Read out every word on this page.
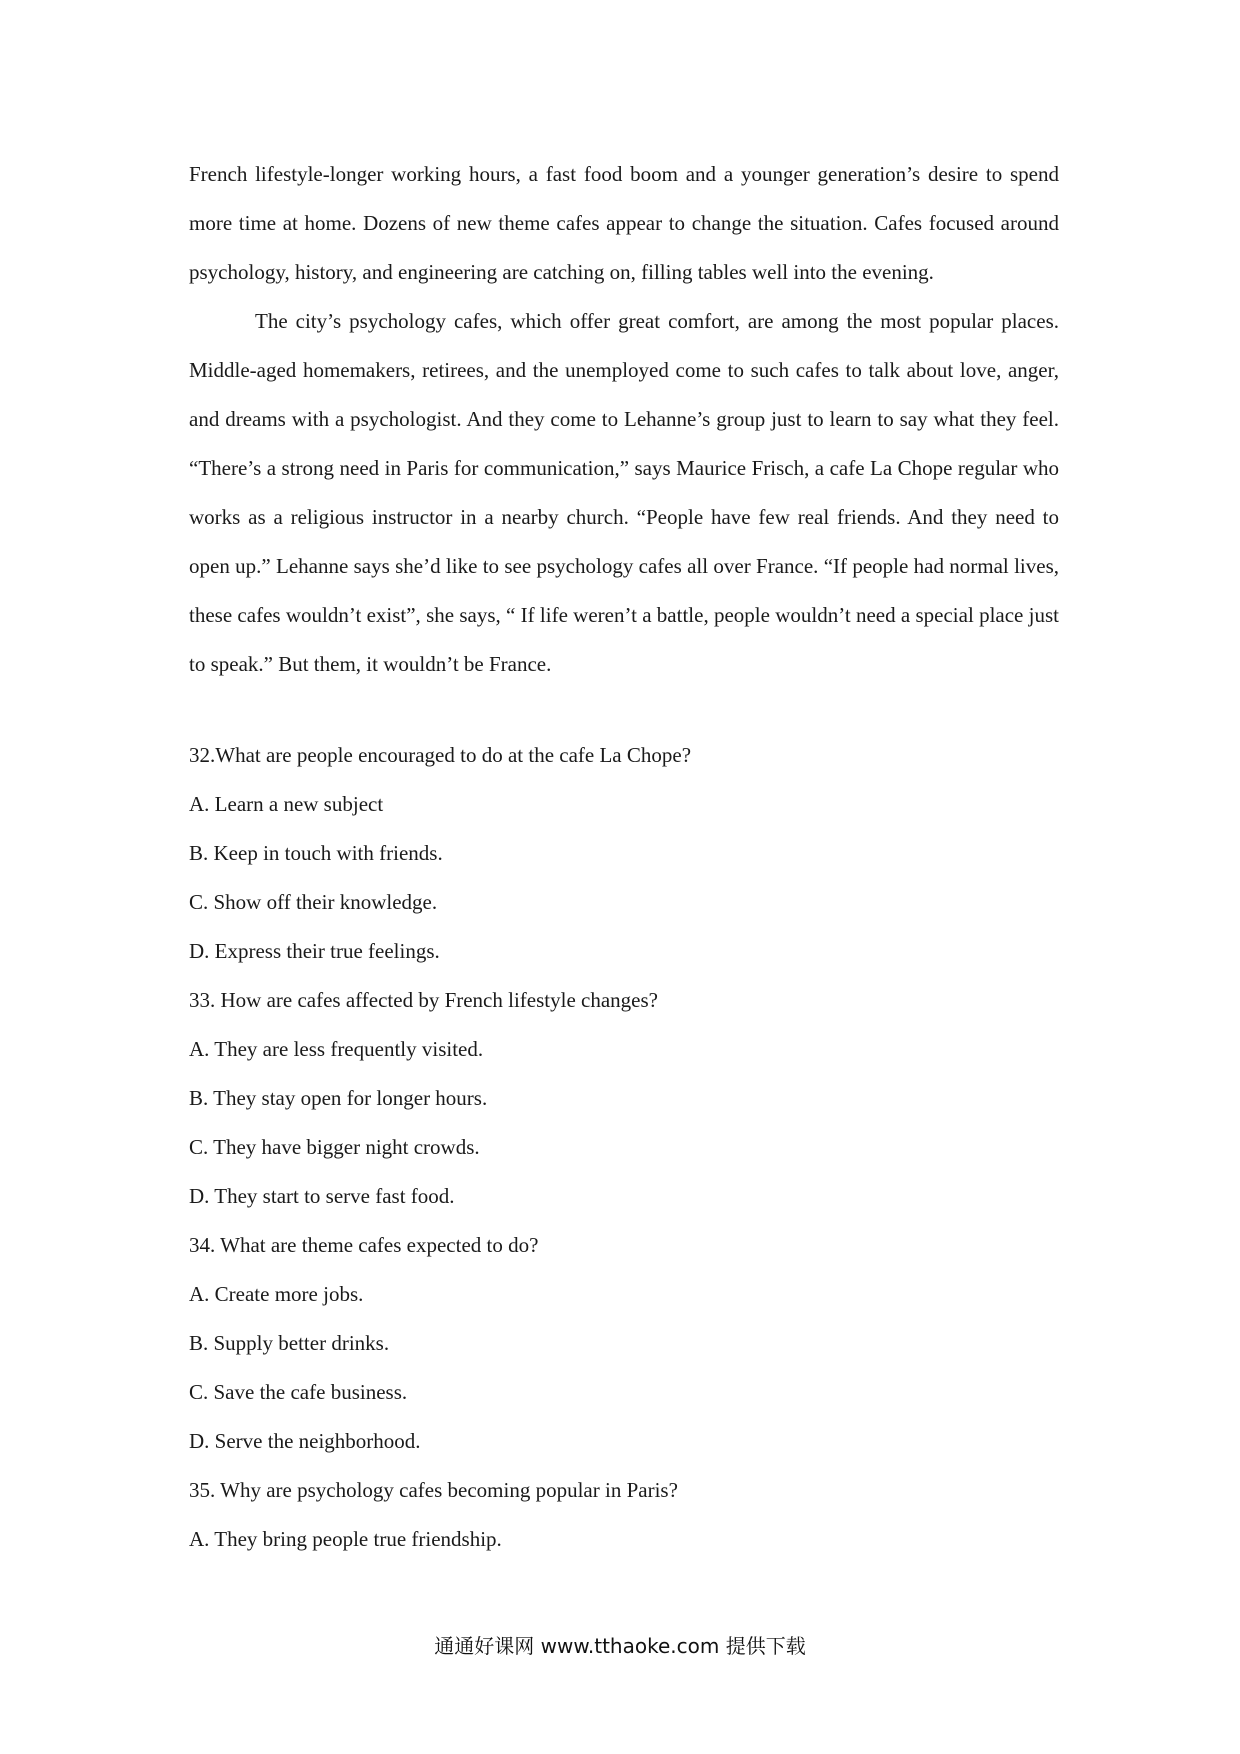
French lifestyle-longer working hours, a fast food boom and a younger generation’s desire to spend more time at home. Dozens of new theme cafes appear to change the situation. Cafes focused around psychology, history, and engineering are catching on, filling tables well into the evening.

The city’s psychology cafes, which offer great comfort, are among the most popular places. Middle-aged homemakers, retirees, and the unemployed come to such cafes to talk about love, anger, and dreams with a psychologist. And they come to Lehanne’s group just to learn to say what they feel. “There’s a strong need in Paris for communication,” says Maurice Frisch, a cafe La Chope regular who works as a religious instructor in a nearby church. “People have few real friends. And they need to open up.” Lehanne says she’d like to see psychology cafes all over France. “If people had normal lives, these cafes wouldn’t exist”, she says, “ If life weren’t a battle, people wouldn’t need a special place just to speak.” But them, it wouldn’t be France.

32.What are people encouraged to do at the cafe La Chope?

A. Learn a new subject

B. Keep in touch with friends.

C. Show off their knowledge.

D. Express their true feelings.

33. How are cafes affected by French lifestyle changes?

A. They are less frequently visited.

B. They stay open for longer hours.

C. They have bigger night crowds.

D. They start to serve fast food.

34. What are theme cafes expected to do?

A. Create more jobs.

B. Supply better drinks.

C. Save the cafe business.

D. Serve the neighborhood.

35. Why are psychology cafes becoming popular in Paris?

A. They bring people true friendship.

通通好课网 www.tthaoke.com 提供下载
